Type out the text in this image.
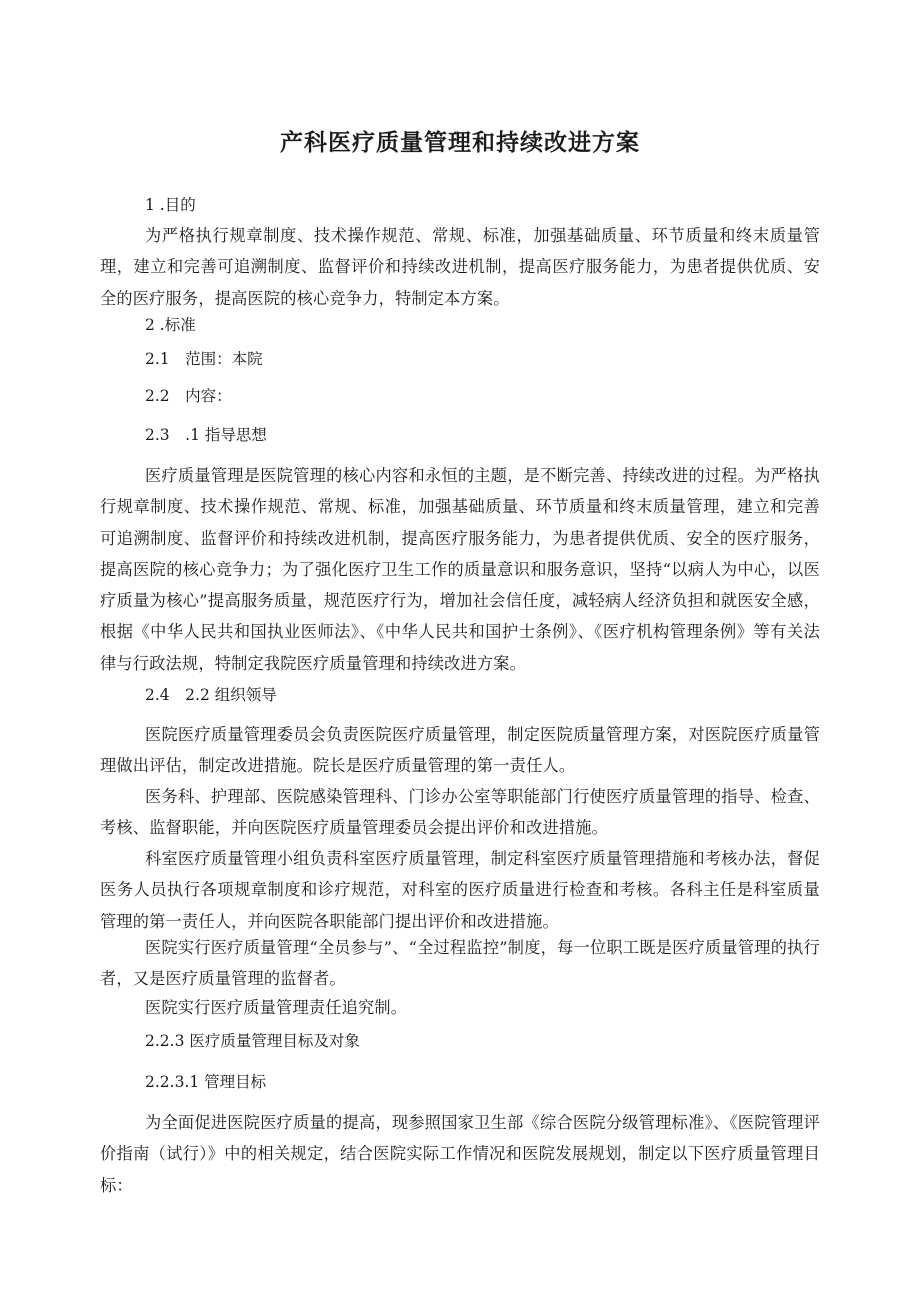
产科医疗质量管理和持续改进方案

1 .目的

为严格执行规章制度、技术操作规范、常规、标准，加强基础质量、环节质量和终末质量管理，建立和完善可追溯制度、监督评价和持续改进机制，提高医疗服务能力，为患者提供优质、安全的医疗服务，提高医院的核心竞争力，特制定本方案。

2 .标准

2.1　范围：本院

2.2　内容：

2.3　.1 指导思想

医疗质量管理是医院管理的核心内容和永恒的主题，是不断完善、持续改进的过程。为严格执行规章制度、技术操作规范、常规、标准，加强基础质量、环节质量和终末质量管理，建立和完善可追溯制度、监督评价和持续改进机制，提高医疗服务能力，为患者提供优质、安全的医疗服务，提高医院的核心竞争力；为了强化医疗卫生工作的质量意识和服务意识，坚持“以病人为中心，以医疗质量为核心”提高服务质量，规范医疗行为，增加社会信任度，减轻病人经济负担和就医安全感，根据《中华人民共和国执业医师法》、《中华人民共和国护士条例》、《医疗机构管理条例》等有关法律与行政法规，特制定我院医疗质量管理和持续改进方案。

2.4　2.2 组织领导

医院医疗质量管理委员会负责医院医疗质量管理，制定医院质量管理方案，对医院医疗质量管理做出评估，制定改进措施。院长是医疗质量管理的第一责任人。

医务科、护理部、医院感染管理科、门诊办公室等职能部门行使医疗质量管理的指导、检查、考核、监督职能，并向医院医疗质量管理委员会提出评价和改进措施。

科室医疗质量管理小组负责科室医疗质量管理，制定科室医疗质量管理措施和考核办法，督促医务人员执行各项规章制度和诊疗规范，对科室的医疗质量进行检查和考核。各科主任是科室质量管理的第一责任人，并向医院各职能部门提出评价和改进措施。

医院实行医疗质量管理“全员参与”、“全过程监控”制度，每一位职工既是医疗质量管理的执行者，又是医疗质量管理的监督者。

医院实行医疗质量管理责任追究制。

2.2.3 医疗质量管理目标及对象

2.2.3.1 管理目标

为全面促进医院医疗质量的提高，现参照国家卫生部《综合医院分级管理标准》、《医院管理评价指南（试行）》中的相关规定，结合医院实际工作情况和医院发展规划，制定以下医疗质量管理目标：
